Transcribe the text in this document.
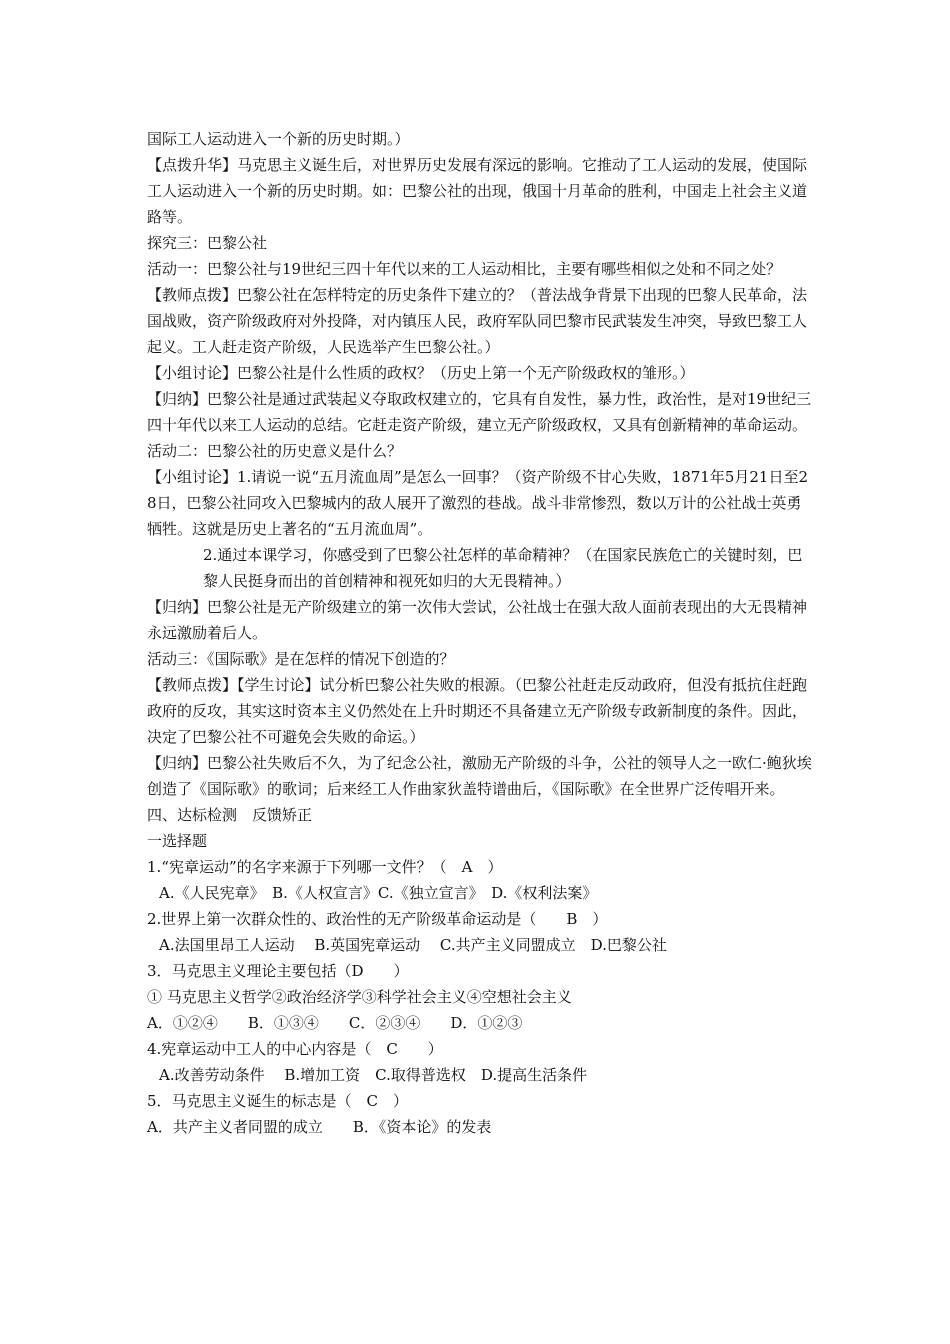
国际工人运动进入一个新的历史时期。）

【点拨升华】马克思主义诞生后，对世界历史发展有深远的影响。它推动了工人运动的发展，使国际工人运动进入一个新的历史时期。如：巴黎公社的出现，俄国十月革命的胜利，中国走上社会主义道路等。

探究三：巴黎公社

活动一：巴黎公社与19世纪三四十年代以来的工人运动相比，主要有哪些相似之处和不同之处？

【教师点拨】巴黎公社在怎样特定的历史条件下建立的？（普法战争背景下出现的巴黎人民革命，法国战败，资产阶级政府对外投降，对内镇压人民，政府军队同巴黎市民武装发生冲突，导致巴黎工人起义。工人赶走资产阶级，人民选举产生巴黎公社。）

【小组讨论】巴黎公社是什么性质的政权？（历史上第一个无产阶级政权的雏形。）

【归纳】巴黎公社是通过武装起义夺取政权建立的，它具有自发性，暴力性，政治性，是对19世纪三四十年代以来工人运动的总结。它赶走资产阶级，建立无产阶级政权，又具有创新精神的革命运动。

活动二：巴黎公社的历史意义是什么？

【小组讨论】1.请说一说“五月流血周”是怎么一回事？（资产阶级不甘心失败，1871年5月21日至28日，巴黎公社同攻入巴黎城内的敌人展开了激烈的巷战。战斗非常惨烈，数以万计的公社战士英勇牺牲。这就是历史上著名的“五月流血周”。

2.通过本课学习，你感受到了巴黎公社怎样的革命精神？（在国家民族危亡的关键时刻，巴黎人民挺身而出的首创精神和视死如归的大无畏精神。）

【归纳】巴黎公社是无产阶级建立的第一次伟大尝试，公社战士在强大敌人面前表现出的大无畏精神永远激励着后人。

活动三：《国际歌》是在怎样的情况下创造的？

【教师点拨】【学生讨论】试分析巴黎公社失败的根源。（巴黎公社赶走反动政府，但没有抵抗住赶跑政府的反攻，其实这时资本主义仍然处在上升时期还不具备建立无产阶级专政新制度的条件。因此，决定了巴黎公社不可避免会失败的命运。）

【归纳】巴黎公社失败后不久，为了纪念公社，激励无产阶级的斗争，公社的领导人之一欧仁·鲍狄埃创造了《国际歌》的歌词；后来经工人作曲家狄盖特谱曲后，《国际歌》在全世界广泛传唱开来。

四、达标检测　反馈矫正

一选择题

1.“宪章运动”的名字来源于下列哪一文件？（　A　）

A.《人民宪章》　B.《人权宣言》C.《独立宣言》　D.《权利法案》

2.世界上第一次群众性的、政治性的无产阶级革命运动是（　　B　）

A.法国里昂工人运动　 B.英国宪章运动　 C.共产主义同盟成立　D.巴黎公社

3．马克思主义理论主要包括（D　　）

① 马克思主义哲学②政治经济学③科学社会主义④空想社会主义

A．①②④　　B．①③④　　C．②③④　　D．①②③

4.宪章运动中工人的中心内容是（　C　　）

A.改善劳动条件　 B.增加工资　C.取得普选权　D.提高生活条件

5．马克思主义诞生的标志是（　C　）

A．共产主义者同盟的成立　　B．《资本论》的发表
